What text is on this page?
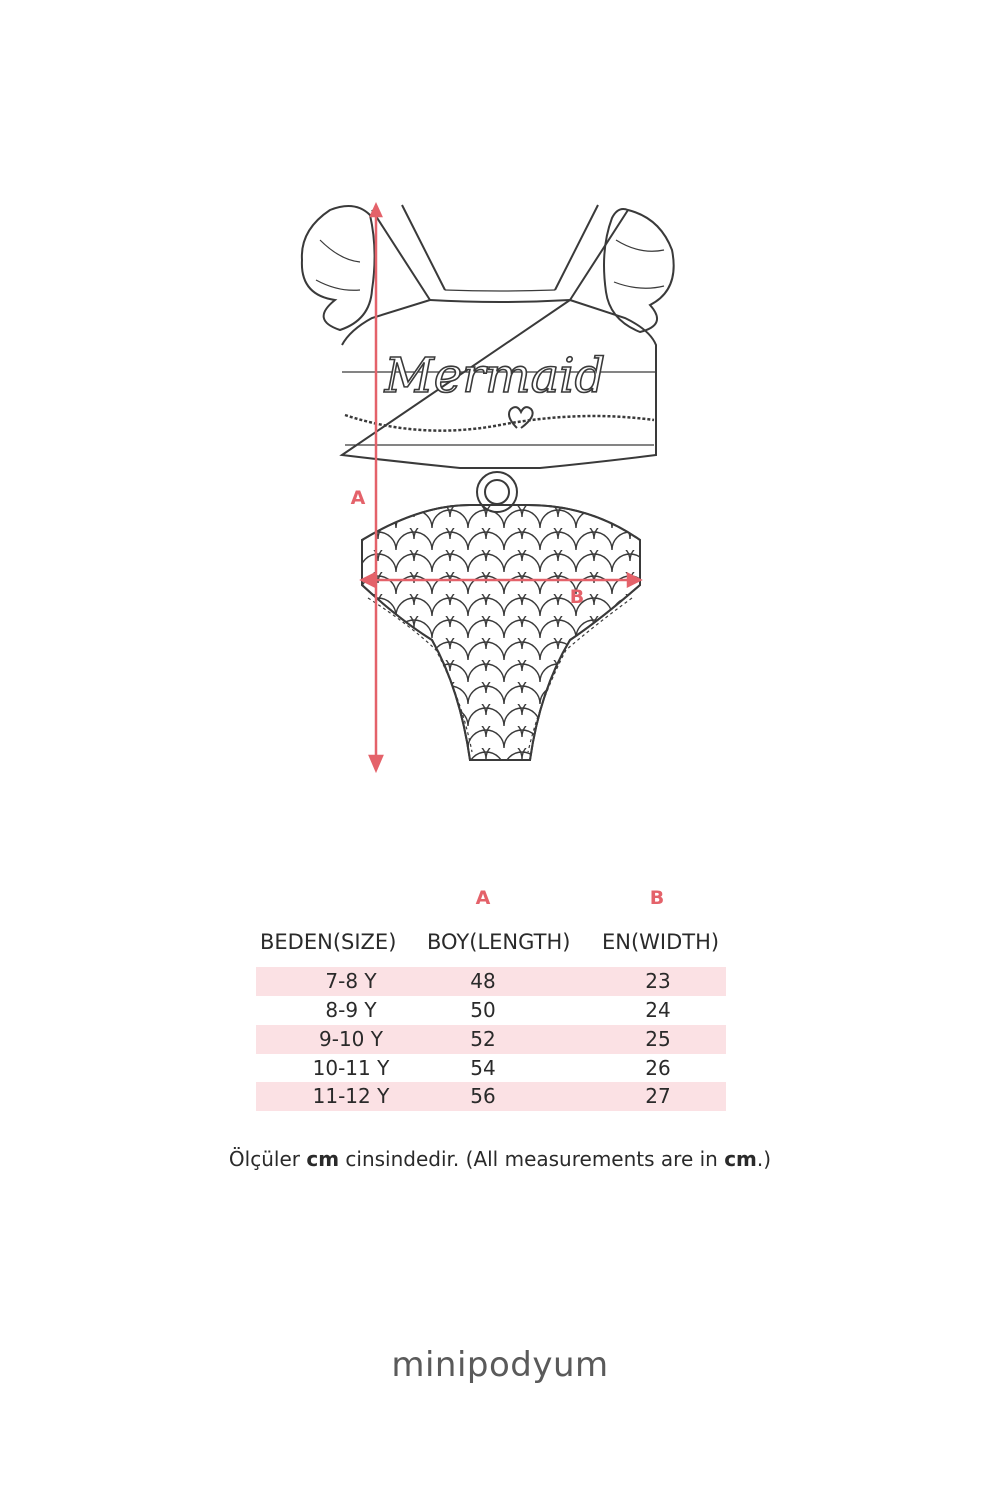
Mermaid
A
B
A	B
BEDEN(SIZE) BOY(LENGTH) EN(WIDTH)
7-8 Y	48	23
8-9 Y	50	24
9-10 Y	52	25
10-11 Y	54	26
11-12 Y	56	27
Ölçüler cm cinsindedir. (All measurements are in cm.)
minipodyum
